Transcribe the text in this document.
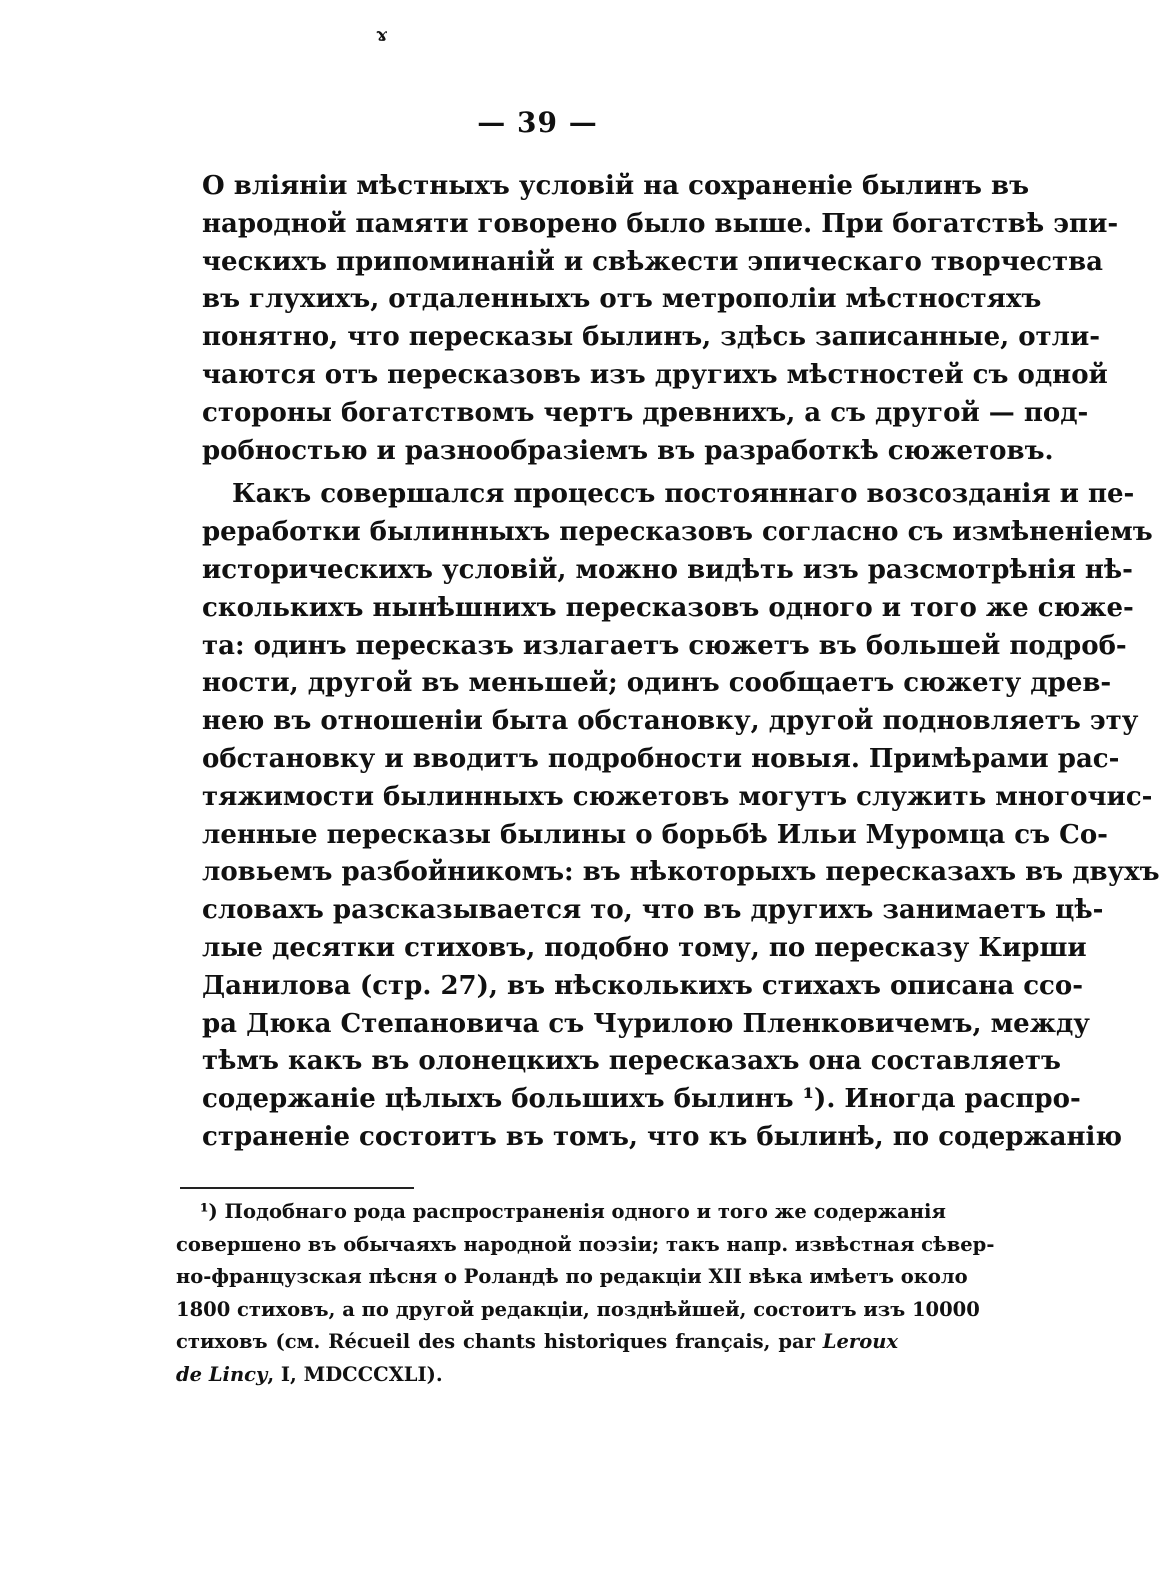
ɤ
— 39 —
О вліяніи мѣстныхъ условій на сохраненіе былинъ въ
народной памяти говорено было выше. При богатствѣ эпи-
ческихъ припоминаній и свѣжести эпическаго творчества
въ глухихъ, отдаленныхъ отъ метрополіи мѣстностяхъ
понятно, что пересказы былинъ, здѣсь записанные, отли-
чаются отъ пересказовъ изъ другихъ мѣстностей съ одной
стороны богатствомъ чертъ древнихъ, а съ другой — под-
робностью и разнообразіемъ въ разработкѣ сюжетовъ.
Какъ совершался процессъ постояннаго возсозданія и пе-
реработки былинныхъ пересказовъ согласно съ измѣненіемъ
историческихъ условій, можно видѣть изъ разсмотрѣнія нѣ-
сколькихъ нынѣшнихъ пересказовъ одного и того же сюже-
та: одинъ пересказъ излагаетъ сюжетъ въ большей подроб-
ности, другой въ меньшей; одинъ сообщаетъ сюжету древ-
нею въ отношеніи быта обстановку, другой подновляетъ эту
обстановку и вводитъ подробности новыя. Примѣрами рас-
тяжимости былинныхъ сюжетовъ могутъ служить многочис-
ленные пересказы былины о борьбѣ Ильи Муромца съ Со-
ловьемъ разбойникомъ: въ нѣкоторыхъ пересказахъ въ двухъ
словахъ разсказывается то, что въ другихъ занимаетъ цѣ-
лые десятки стиховъ, подобно тому, по пересказу Кирши
Данилова (стр. 27), въ нѣсколькихъ стихахъ описана ссо-
ра Дюка Степановича съ Чурилою Пленковичемъ, между
тѣмъ какъ въ олонецкихъ пересказахъ она составляетъ
содержаніе цѣлыхъ большихъ былинъ ¹). Иногда распро-
страненіе состоитъ въ томъ, что къ былинѣ, по содержанію
¹) Подобнаго рода распространенія одного и того же содержанія
совершено въ обычаяхъ народной поэзіи; такъ напр. извѣстная сѣвер-
но-французская пѣсня о Роландѣ по редакціи XII вѣка имѣетъ около
1800 стиховъ, а по другой редакціи, позднѣйшей, состоитъ изъ 10000
стиховъ (см. Récueil des chants historiques français, par Leroux
de Lincy, I, MDCCCXLI).
